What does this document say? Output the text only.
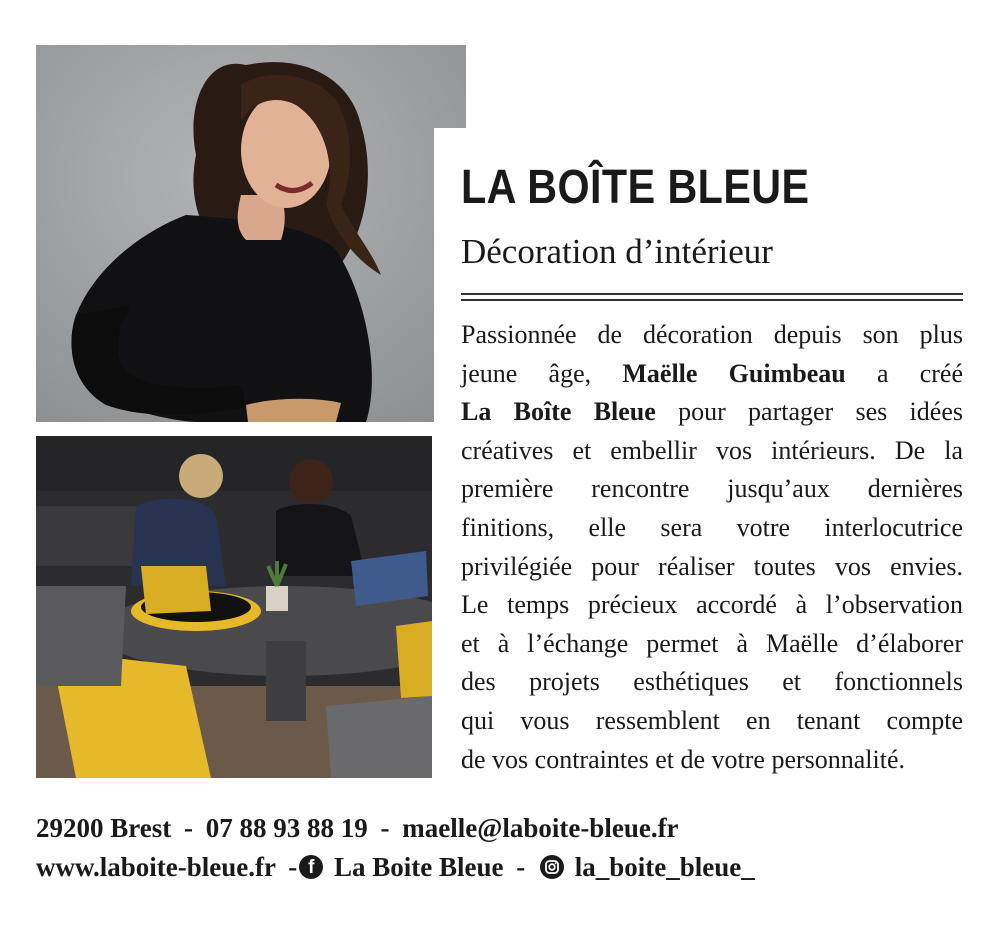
LA BOÎTE BLEUE
Décoration d’intérieur

Passionnée de décoration depuis son plus
jeune âge, Maëlle Guimbeau a créé
La Boîte Bleue pour partager ses idées
créatives et embellir vos intérieurs. De la
première rencontre jusqu’aux dernières
finitions, elle sera votre interlocutrice
privilégiée pour réaliser toutes vos envies.
Le temps précieux accordé à l’observation
et à l’échange permet à Maëlle d’élaborer
des projets esthétiques et fonctionnels
qui vous ressemblent en tenant compte
de vos contraintes et de votre personnalité.

29200 Brest - 07 88 93 88 19 - maelle@laboite-bleue.fr

www.laboite-bleue.fr - f La Boite Bleue - la_boite_bleue_
